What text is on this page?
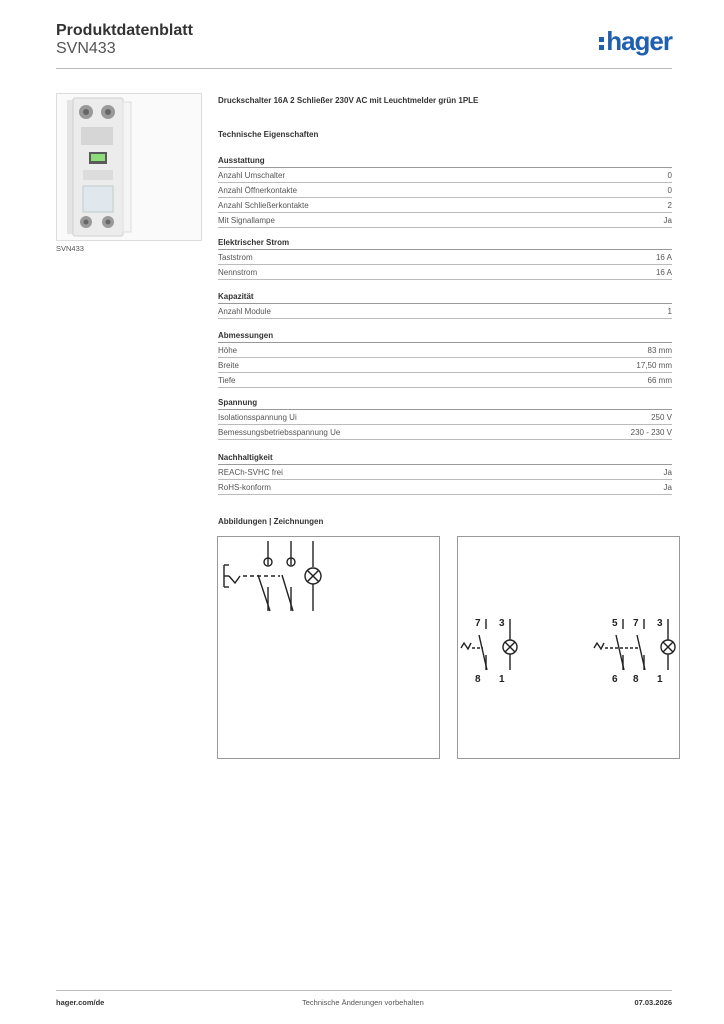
Produktdatenblatt
SVN433	hager
SVN433
Druckschalter 16A 2 Schließer 230V AC mit Leuchtmelder grün 1PLE
Technische Eigenschaften
Ausstattung
Anzahl Umschalter	0
Anzahl Öffnerkontakte	0
Anzahl Schließerkontakte	2
Mit Signallampe	Ja
Elektrischer Strom
Taststrom	16 A
Nennstrom	16 A
Kapazität
Anzahl Module	1
Abmessungen
Höhe	83 mm
Breite	17,50 mm
Tiefe	66 mm
Spannung
Isolationsspannung Ui	250 V
Bemessungsbetriebsspannung Ue	230 - 230 V
Nachhaltigkeit
REACh-SVHC frei	Ja
RoHS-konform	Ja
Abbildungen | Zeichnungen
7 3
8 1
5 7 3
6 8 1
hager.com/de	Technische Änderungen vorbehalten	07.03.2026
